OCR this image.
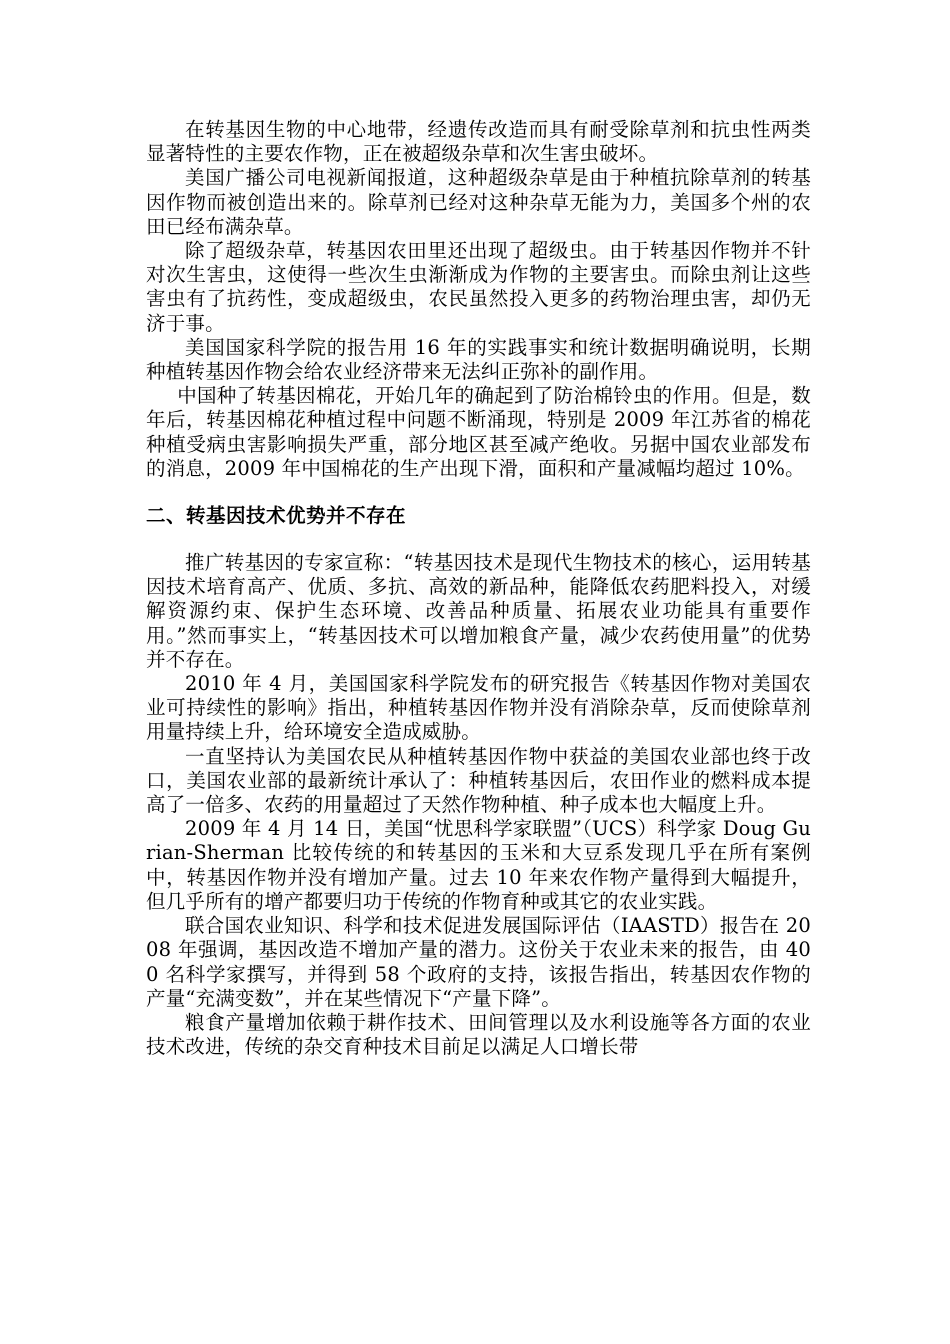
在转基因生物的中心地带，经遗传改造而具有耐受除草剂和抗虫性两类显著特性的主要农作物，正在被超级杂草和次生害虫破坏。

美国广播公司电视新闻报道，这种超级杂草是由于种植抗除草剂的转基因作物而被创造出来的。除草剂已经对这种杂草无能为力，美国多个州的农田已经布满杂草。

除了超级杂草，转基因农田里还出现了超级虫。由于转基因作物并不针对次生害虫，这使得一些次生虫渐渐成为作物的主要害虫。而除虫剂让这些害虫有了抗药性，变成超级虫，农民虽然投入更多的药物治理虫害，却仍无济于事。

美国国家科学院的报告用 16 年的实践事实和统计数据明确说明，长期种植转基因作物会给农业经济带来无法纠正弥补的副作用。

中国种了转基因棉花，开始几年的确起到了防治棉铃虫的作用。但是，数年后，转基因棉花种植过程中问题不断涌现，特别是 2009 年江苏省的棉花种植受病虫害影响损失严重，部分地区甚至减产绝收。另据中国农业部发布的消息，2009 年中国棉花的生产出现下滑，面积和产量减幅均超过 10%。

二、转基因技术优势并不存在

推广转基因的专家宣称：“转基因技术是现代生物技术的核心，运用转基因技术培育高产、优质、多抗、高效的新品种，能降低农药肥料投入，对缓解资源约束、保护生态环境、改善品种质量、拓展农业功能具有重要作用。”然而事实上，“转基因技术可以增加粮食产量，减少农药使用量”的优势并不存在。

2010 年 4 月，美国国家科学院发布的研究报告《转基因作物对美国农业可持续性的影响》指出，种植转基因作物并没有消除杂草，反而使除草剂用量持续上升，给环境安全造成威胁。

一直坚持认为美国农民从种植转基因作物中获益的美国农业部也终于改口，美国农业部的最新统计承认了：种植转基因后，农田作业的燃料成本提高了一倍多、农药的用量超过了天然作物种植、种子成本也大幅度上升。

2009 年 4 月 14 日，美国“忧思科学家联盟”（UCS）科学家 Doug Gurian-Sherman 比较传统的和转基因的玉米和大豆系发现几乎在所有案例中，转基因作物并没有增加产量。过去 10 年来农作物产量得到大幅提升，但几乎所有的增产都要归功于传统的作物育种或其它的农业实践。

联合国农业知识、科学和技术促进发展国际评估（IAASTD）报告在 2008 年强调，基因改造不增加产量的潜力。这份关于农业未来的报告，由 400 名科学家撰写，并得到 58 个政府的支持，该报告指出，转基因农作物的产量“充满变数”，并在某些情况下“产量下降”。

粮食产量增加依赖于耕作技术、田间管理以及水利设施等各方面的农业技术改进，传统的杂交育种技术目前足以满足人口增长带
